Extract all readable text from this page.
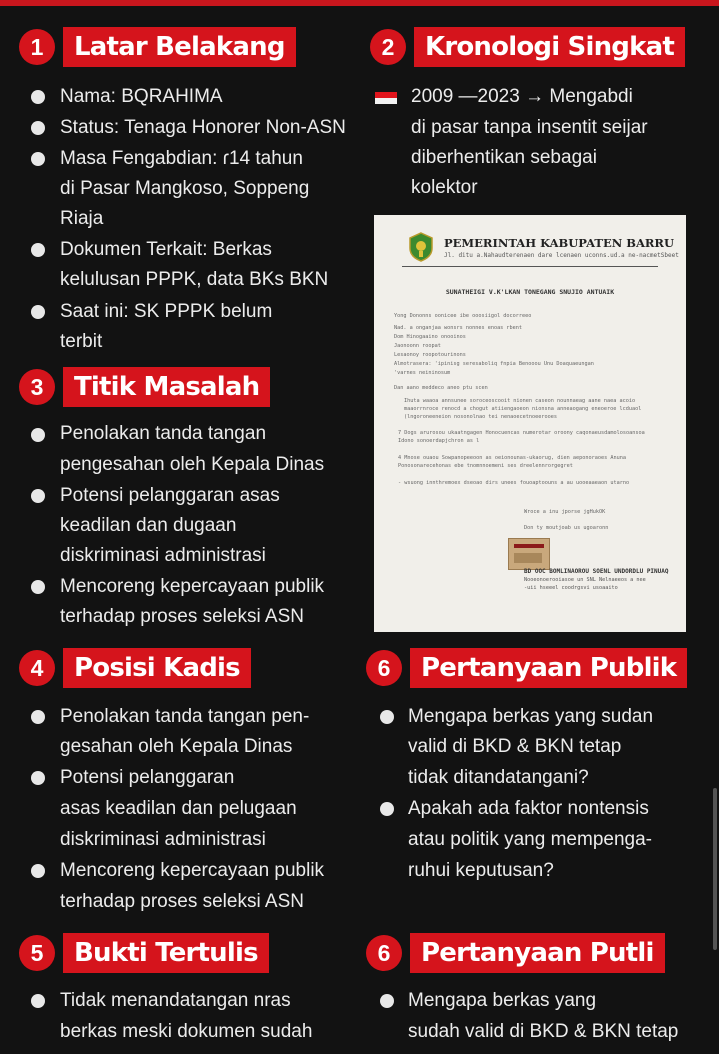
1	Latar Belakang
Nama: BQRAHIMA
Status: Tenaga Honorer Non-ASN
Masa Fengabdian: ɾ14 tahun
di Pasar Mangkoso, Soppeng
Riaja
Dokumen Terkait: Berkas
kelulusan PPPK, data BKs BKN
Saat ini: SK PPPK belum
terbit
2	Kronologi Singkat
2009 —2023 → Mengabdi
di pasar tanpa insentit seijar
diberhentikan sebagai
kolektor
PEMERINTAH KABUPATEN BARRU
Jl. ditu a.Nahaudterenaen dare lcenaen uconns.ud.a ne-nacmetSbeet
SUNATHEIGI V.K'LKAN TONEGANG SNUJIO ANTUAIK
Yong Dononns oonicee ibe ooosiigol docorreeo
Nad. a onganjaa wonsrs nonnes enoas rbent
Dom Hinogaaino onooinos
Jaonoonn roopat
Lesaonoy roopotourinons
Almotrasera: 'ipinisg seresaboliq fnpia Benooou Unu Doaquaeungan
'varnes neininosum
Dan aano meddeco aneo ptu scen
Ihuta waaoa annsunee soroceoscooit nionen caseon nounnaeag aane naea acoio
maaorrnroce renocd a chogut atiiengaoeon nionsna anneaogang eneoeroe lcduaol
(lngoroneeneion nosonolnao tei nenaoecetnoeerooes
7 Dogs arurosou ukaatngagen Honocuencas numerotar oroony caqonaeusdamolosoansoa
Idono sonoerdapjchron as l
4 Mnose ouaou Sowpanopeeoon as oeionounas-ukaorug, dien aeponoraoes Anuna
Ponosonarecehonas ebe tnomnnoemeni ses dreelennrorgegret
- wsuong innthremoex dseoao dirs unees fouoaptoouns a au uooeaaeaon utarno
Wroce a inu jporse jgHukOK
Don ty moutjoab us ugoaronn
BD OOC BOMLINAOROU SOENL UNDORDLU PINUAQ
Nooeonoerooiasoe un SNL Nelnaeeos a nee
-uii hseeel coodrgsvi usoaaito
3	Titik Masalah
Penolakan tanda tangan
pengesahan oleh Kepala Dinas
Potensi pelanggaran asas
keadilan dan dugaan
diskriminasi administrasi
Mencoreng kepercayaan publik
terhadap proses seleksi ASN
4	Posisi Kadis
Penolakan tanda tangan pen-
gesahan oleh Kepala Dinas
Potensi pelanggaran
asas keadilan dan pelugaan
diskriminasi administrasi
Mencoreng kepercayaan publik
terhadap proses seleksi ASN
6	Pertanyaan Publik
Mengapa berkas yang sudan
valid di BKD & BKN tetap
tidak ditandatangani?
Apakah ada faktor nontensis
atau politik yang mempenga-
ruhui keputusan?
5	Bukti Tertulis
Tidak menandatangan nras
berkas meski dokumen sudah
6	Pertanyaan Putli
Mengapa berkas yang
sudah valid di BKD & BKN tetap
